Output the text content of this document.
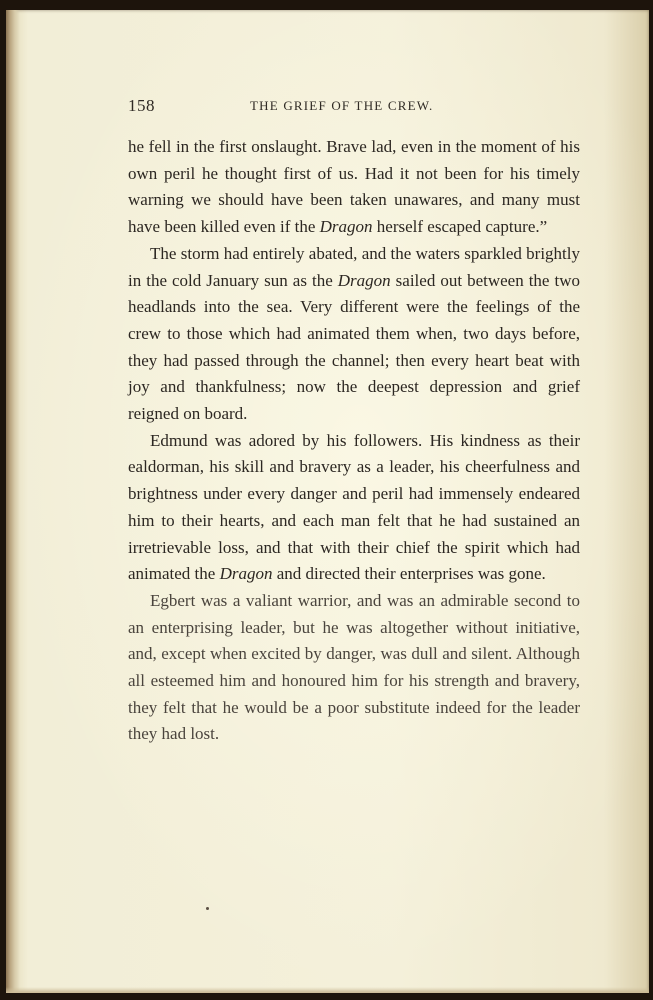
158	THE GRIEF OF THE CREW.

he fell in the first onslaught. Brave lad, even in the moment of his own peril he thought first of us. Had it not been for his timely warning we should have been taken unawares, and many must have been killed even if the Dragon herself escaped capture.”

The storm had entirely abated, and the waters sparkled brightly in the cold January sun as the Dragon sailed out between the two headlands into the sea. Very different were the feelings of the crew to those which had animated them when, two days before, they had passed through the channel; then every heart beat with joy and thankfulness; now the deepest depression and grief reigned on board.

Edmund was adored by his followers. His kindness as their ealdorman, his skill and bravery as a leader, his cheerfulness and brightness under every danger and peril had immensely endeared him to their hearts, and each man felt that he had sustained an irretrievable loss, and that with their chief the spirit which had animated the Dragon and directed their enterprises was gone.

Egbert was a valiant warrior, and was an admirable second to an enterprising leader, but he was altogether without initiative, and, except when excited by danger, was dull and silent. Although all esteemed him and honoured him for his strength and bravery, they felt that he would be a poor substitute indeed for the leader they had lost.
